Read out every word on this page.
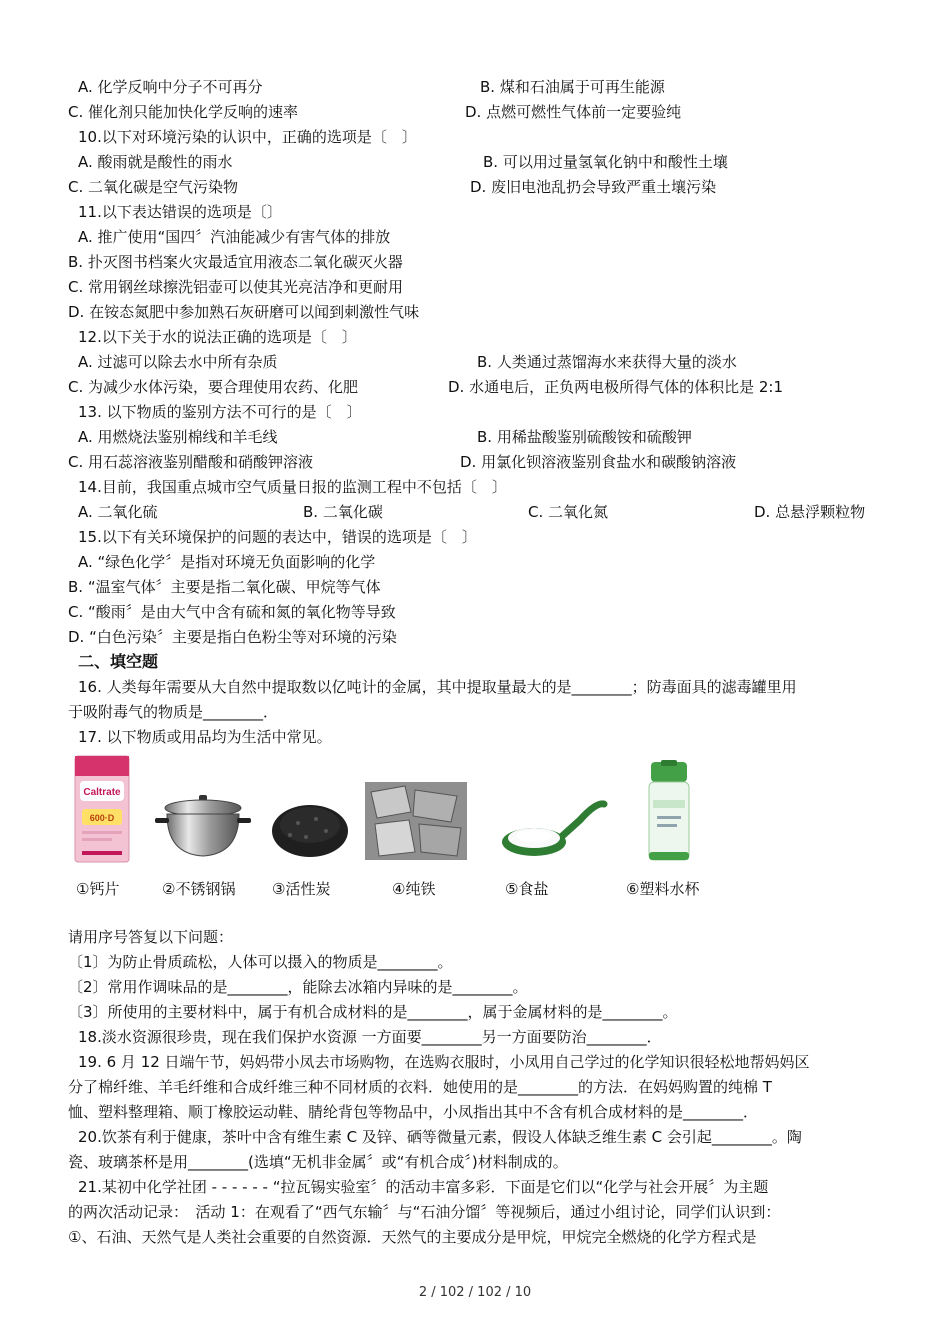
A. 化学反响中分子不可再分	B. 煤和石油属于可再生能源
C. 催化剂只能加快化学反响的速率	D. 点燃可燃性气体前一定要验纯
10.以下对环境污染的认识中，正确的选项是〔　〕
A. 酸雨就是酸性的雨水	B. 可以用过量氢氧化钠中和酸性土壤
C. 二氧化碳是空气污染物	D. 废旧电池乱扔会导致严重土壤污染
11.以下表达错误的选项是〔〕
A. 推广使用“国四〞汽油能减少有害气体的排放
B. 扑灭图书档案火灾最适宜用液态二氧化碳灭火器
C. 常用钢丝球擦洗铝壶可以使其光亮洁净和更耐用
D. 在铵态氮肥中参加熟石灰研磨可以闻到刺激性气味
12.以下关于水的说法正确的选项是〔　〕
A. 过滤可以除去水中所有杂质	B. 人类通过蒸馏海水来获得大量的淡水
C. 为减少水体污染，要合理使用农药、化肥	D. 水通电后，正负两电极所得气体的体积比是 2:1
13. 以下物质的鉴别方法不可行的是〔　〕
A. 用燃烧法鉴别棉线和羊毛线	B. 用稀盐酸鉴别硫酸铵和硫酸钾
C. 用石蕊溶液鉴别醋酸和硝酸钾溶液	D. 用氯化钡溶液鉴别食盐水和碳酸钠溶液
14.目前，我国重点城市空气质量日报的监测工程中不包括〔　〕
A. 二氧化硫	B. 二氧化碳	C. 二氧化氮	D. 总悬浮颗粒物
15.以下有关环境保护的问题的表达中，错误的选项是〔　〕
A. “绿色化学〞是指对环境无负面影响的化学
B. “温室气体〞主要是指二氧化碳、甲烷等气体
C. “酸雨〞是由大气中含有硫和氮的氧化物等导致
D. “白色污染〞主要是指白色粉尘等对环境的污染
二、填空题
16. 人类每年需要从大自然中提取数以亿吨计的金属，其中提取量最大的是________；防毒面具的滤毒罐里用
于吸附毒气的物质是________．
17. 以下物质或用品均为生活中常见。
Caltrate
600·D
①钙片	②不锈钢锅 ③活性炭	④纯铁	⑤食盐	⑥塑料水杯
请用序号答复以下问题：
〔1〕为防止骨质疏松，人体可以摄入的物质是________。
〔2〕常用作调味品的是________，能除去冰箱内异味的是________。
〔3〕所使用的主要材料中，属于有机合成材料的是________，属于金属材料的是________。
18.淡水资源很珍贵，现在我们保护水资源 一方面要________另一方面要防治________．
19. 6 月 12 日端午节，妈妈带小凤去市场购物，在选购衣服时，小凤用自己学过的化学知识很轻松地帮妈妈区
分了棉纤维、羊毛纤维和合成纤维三种不同材质的衣料．她使用的是________的方法．在妈妈购置的纯棉 T
恤、塑料整理箱、顺丁橡胶运动鞋、腈纶背包等物品中，小凤指出其中不含有机合成材料的是________．
20.饮茶有利于健康，茶叶中含有维生素 C 及锌、硒等微量元素，假设人体缺乏维生素 C 会引起________。陶
瓷、玻璃茶杯是用________(选填“无机非金属〞或“有机合成〞)材料制成的。
21.某初中化学社团 - - - - - - “拉瓦锡实验室〞的活动丰富多彩．下面是它们以“化学与社会开展〞为主题
的两次活动记录：　活动 1：在观看了“西气东输〞与“石油分馏〞等视频后，通过小组讨论，同学们认识到：
①、石油、天然气是人类社会重要的自然资源．天然气的主要成分是甲烷，甲烷完全燃烧的化学方程式是
2 / 102 / 102 / 10
